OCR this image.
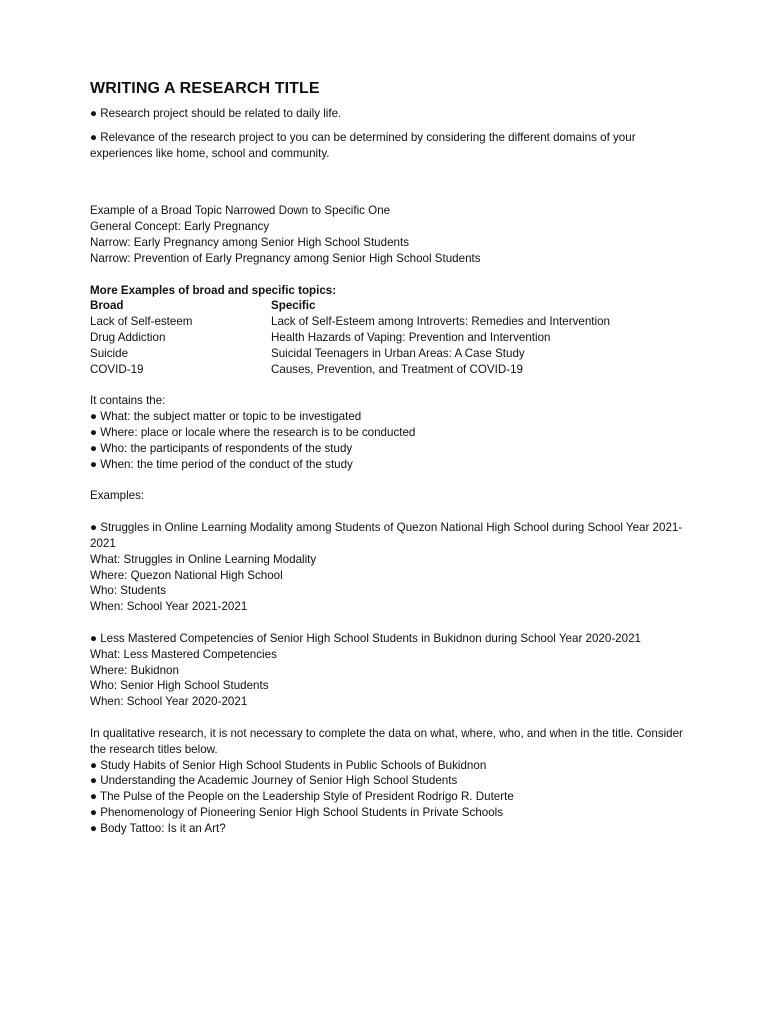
WRITING A RESEARCH TITLE

● Research project should be related to daily life.

● Relevance of the research project to you can be determined by considering the different domains of your experiences like home, school and community.

Example of a Broad Topic Narrowed Down to Specific One

General Concept: Early Pregnancy

Narrow: Early Pregnancy among Senior High School Students

Narrow: Prevention of Early Pregnancy among Senior High School Students

More Examples of broad and specific topics:

Broad	Specific
Lack of Self-esteem	Lack of Self-Esteem among Introverts: Remedies and Intervention
Drug Addiction	Health Hazards of Vaping: Prevention and Intervention
Suicide	Suicidal Teenagers in Urban Areas: A Case Study
COVID-19	Causes, Prevention, and Treatment of COVID-19

It contains the:

● What: the subject matter or topic to be investigated

● Where: place or locale where the research is to be conducted

● Who: the participants of respondents of the study

● When: the time period of the conduct of the study

Examples:

● Struggles in Online Learning Modality among Students of Quezon National High School during School Year 2021-2021

What: Struggles in Online Learning Modality

Where: Quezon National High School

Who: Students

When: School Year 2021-2021

● Less Mastered Competencies of Senior High School Students in Bukidnon during School Year 2020-2021

What: Less Mastered Competencies

Where: Bukidnon

Who: Senior High School Students

When: School Year 2020-2021

In qualitative research, it is not necessary to complete the data on what, where, who, and when in the title. Consider the research titles below.

● Study Habits of Senior High School Students in Public Schools of Bukidnon

● Understanding the Academic Journey of Senior High School Students

● The Pulse of the People on the Leadership Style of President Rodrigo R. Duterte

● Phenomenology of Pioneering Senior High School Students in Private Schools

● Body Tattoo: Is it an Art?
